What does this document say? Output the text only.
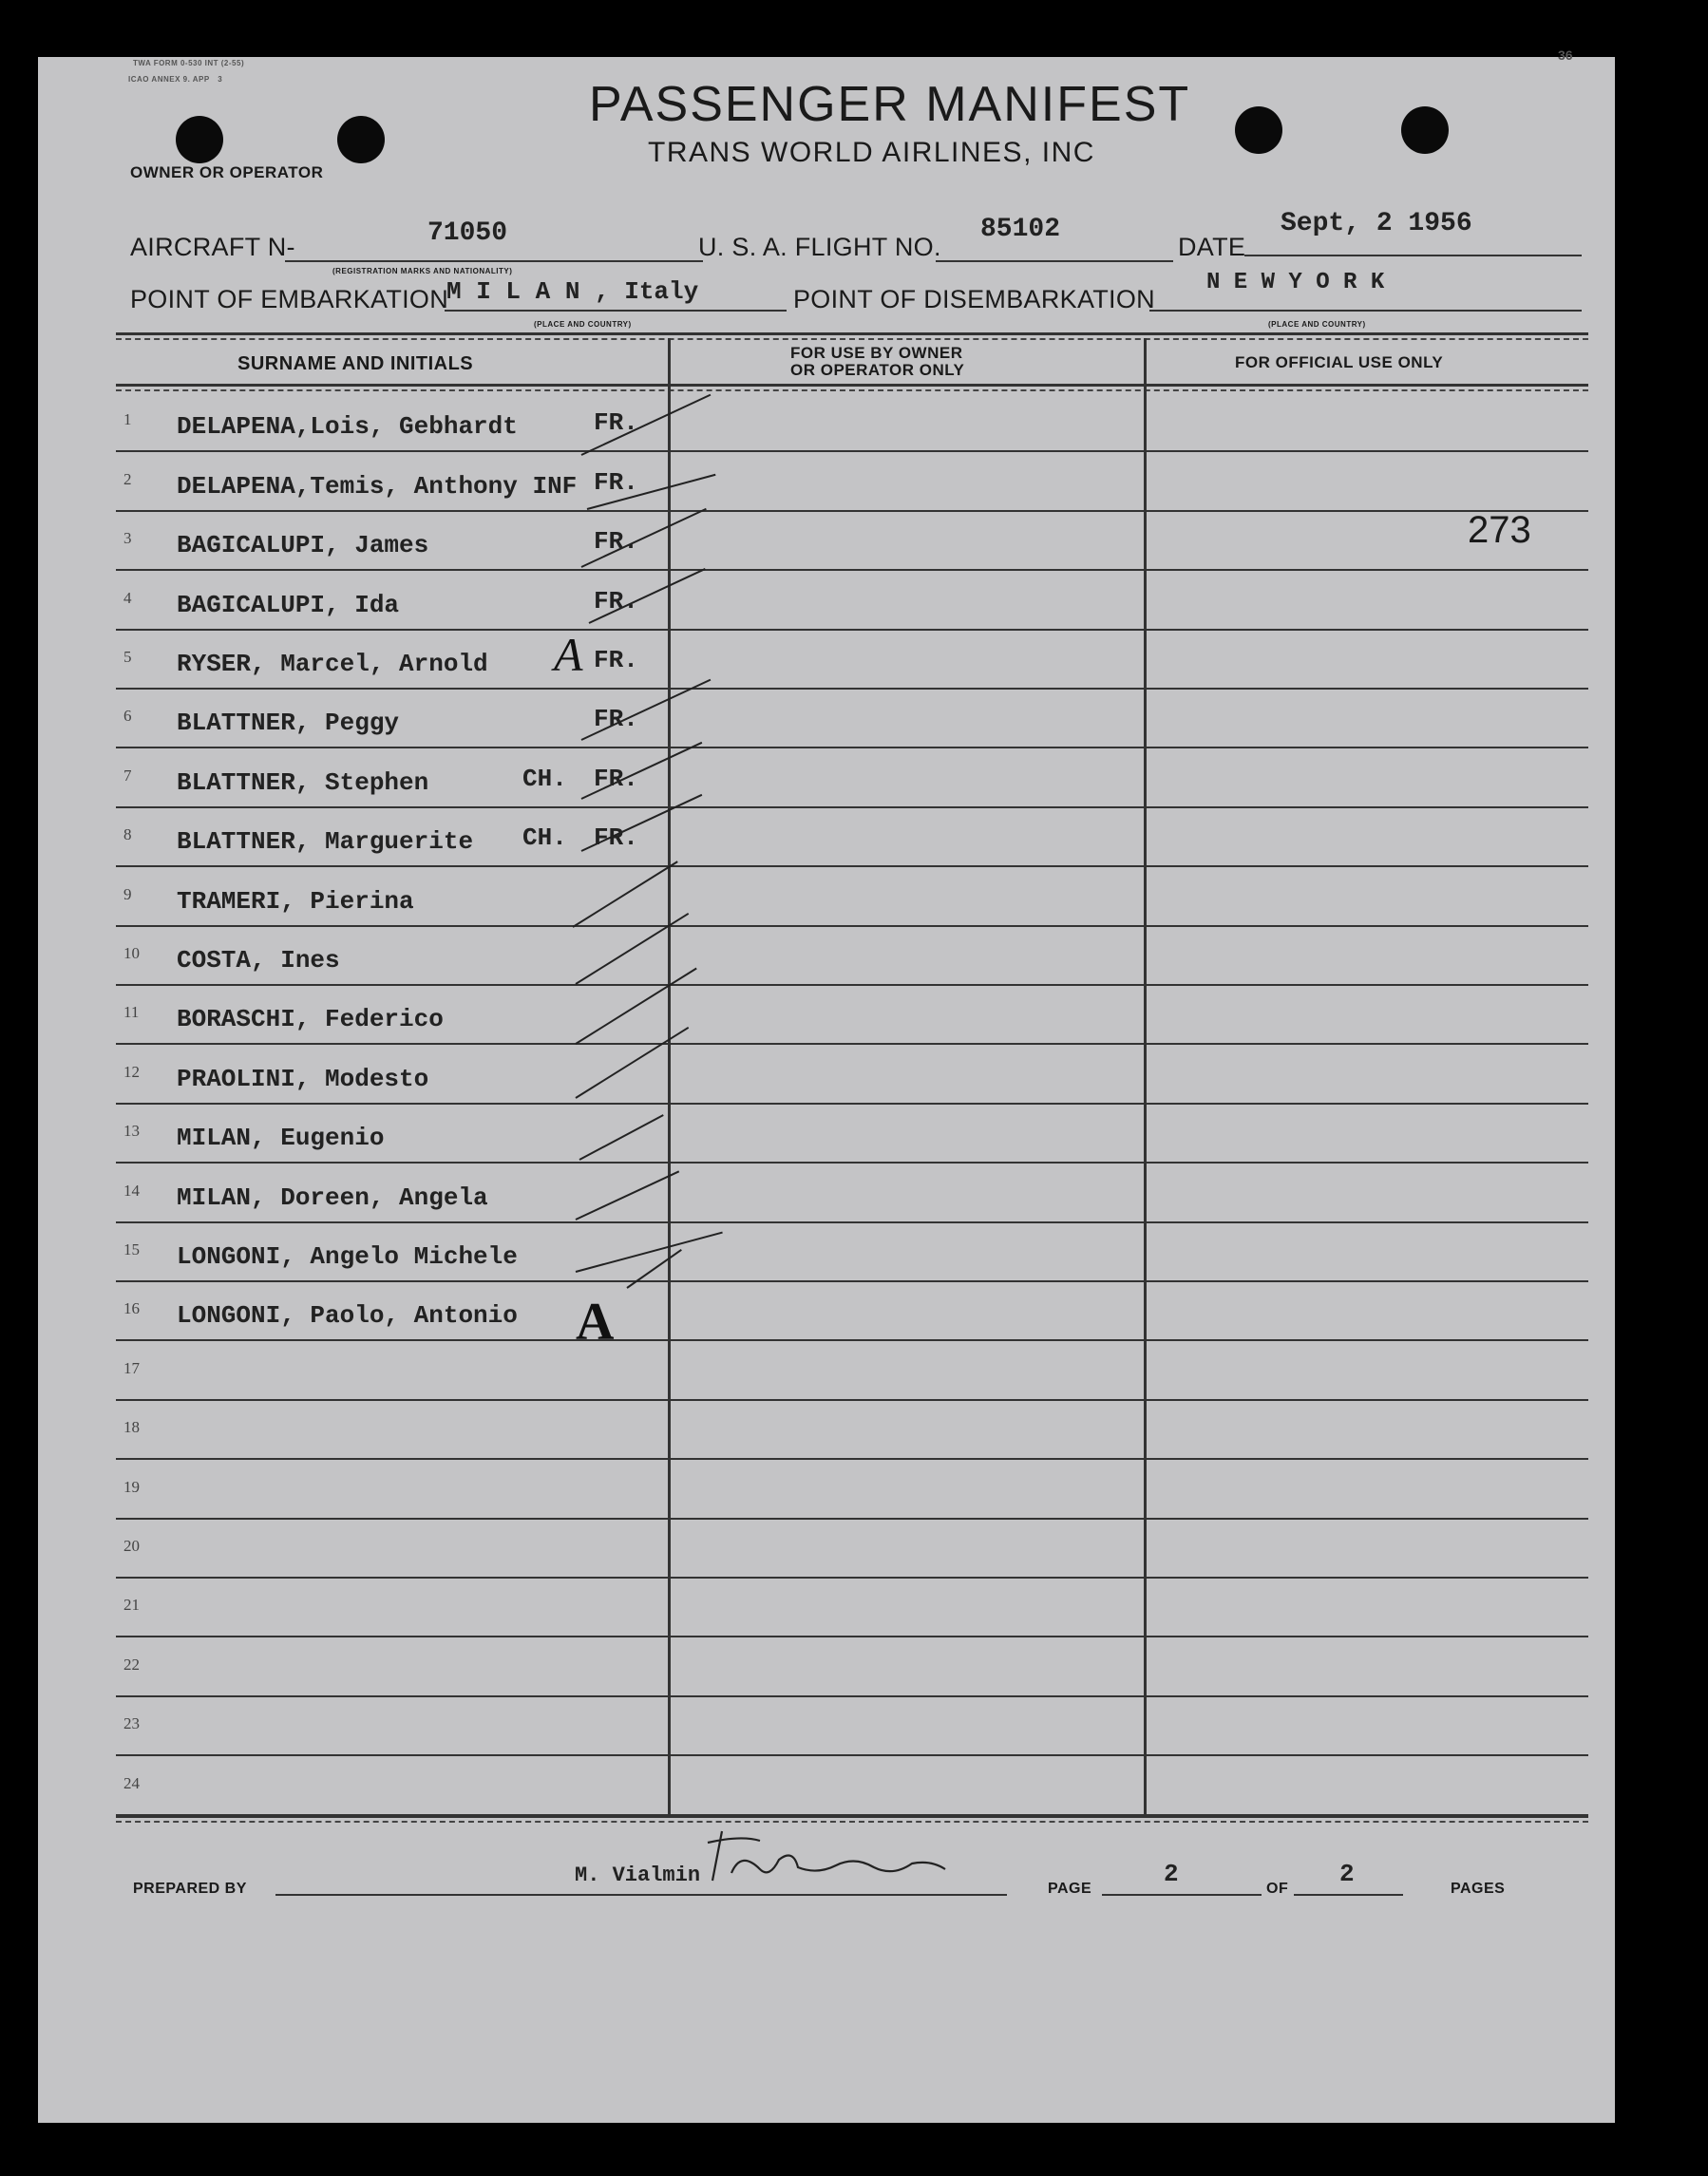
TWA FORM 0-530 INT (2-55)
ICAO ANNEX 9. APP 3
36
PASSENGER MANIFEST
TRANS WORLD AIRLINES, INC
OWNER OR OPERATOR
AIRCRAFT N-	71050
(REGISTRATION MARKS AND NATIONALITY)
U. S. A. FLIGHT NO.
85102
DATE
Sept, 2 1956
POINT OF EMBARKATION
M I L A N , Italy
(PLACE AND COUNTRY)
POINT OF DISEMBARKATION
N E W Y O R K
(PLACE AND COUNTRY)
SURNAME AND INITIALS
FOR USE BY OWNER
OR OPERATOR ONLY	FOR OFFICIAL USE ONLY
1 DELAPENA,Lois, Gebhardt	FR.
2 DELAPENA,Temis, Anthony INF FR.
3 BAGICALUPI, James	FR.
4 BAGICALUPI, Ida	FR.
5 RYSER, Marcel, Arnold	FR.
6 BLATTNER, Peggy	FR.
7 BLATTNER, Stephen	CH. FR.
8 BLATTNER, Marguerite CH. FR.
9 TRAMERI, Pierina
10 COSTA, Ines
11 BORASCHI, Federico
12 PRAOLINI, Modesto
13 MILAN, Eugenio
14 MILAN, Doreen, Angela
15 LONGONI, Angelo Michele
16 LONGONI, Paolo, Antonio
17
18
19
20
21
22
23
24
273
A
A
PREPARED BY
M. Vialmin
PAGE
2
OF
2
PAGES
